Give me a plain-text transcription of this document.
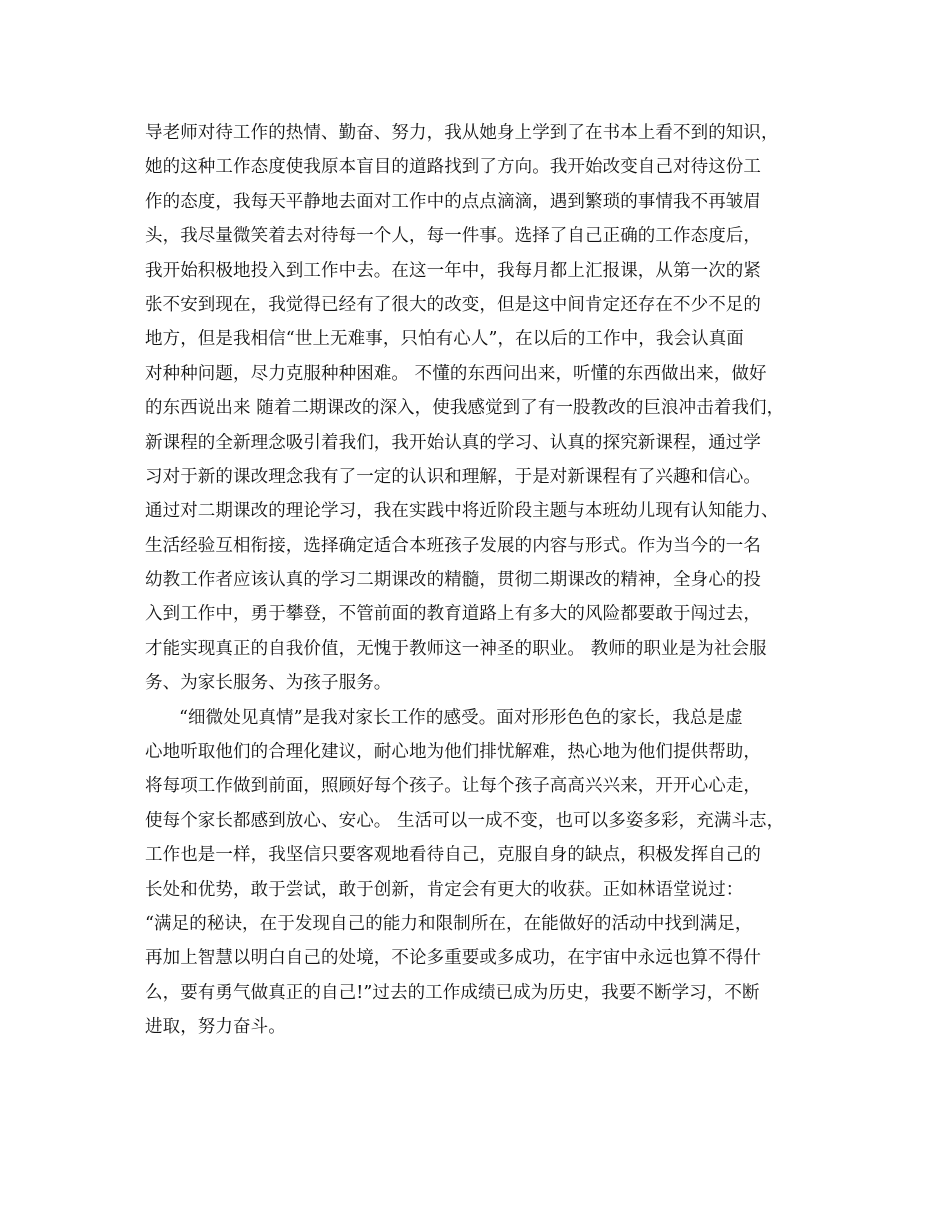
导老师对待工作的热情、勤奋、努力，我从她身上学到了在书本上看不到的知识，
她的这种工作态度使我原本盲目的道路找到了方向。我开始改变自己对待这份工
作的态度，我每天平静地去面对工作中的点点滴滴，遇到繁琐的事情我不再皱眉
头，我尽量微笑着去对待每一个人，每一件事。选择了自己正确的工作态度后，
我开始积极地投入到工作中去。在这一年中，我每月都上汇报课，从第一次的紧
张不安到现在，我觉得已经有了很大的改变，但是这中间肯定还存在不少不足的
地方，但是我相信“世上无难事，只怕有心人”，在以后的工作中，我会认真面
对种种问题，尽力克服种种困难。 不懂的东西问出来，听懂的东西做出来，做好
的东西说出来 随着二期课改的深入，使我感觉到了有一股教改的巨浪冲击着我们，
新课程的全新理念吸引着我们，我开始认真的学习、认真的探究新课程，通过学
习对于新的课改理念我有了一定的认识和理解，于是对新课程有了兴趣和信心。
通过对二期课改的理论学习，我在实践中将近阶段主题与本班幼儿现有认知能力、
生活经验互相衔接，选择确定适合本班孩子发展的内容与形式。作为当今的一名
幼教工作者应该认真的学习二期课改的精髓，贯彻二期课改的精神，全身心的投
入到工作中，勇于攀登，不管前面的教育道路上有多大的风险都要敢于闯过去，
才能实现真正的自我价值，无愧于教师这一神圣的职业。 教师的职业是为社会服
务、为家长服务、为孩子服务。
“细微处见真情”是我对家长工作的感受。面对形形色色的家长，我总是虚
心地听取他们的合理化建议，耐心地为他们排忧解难，热心地为他们提供帮助，
将每项工作做到前面，照顾好每个孩子。让每个孩子高高兴兴来，开开心心走，
使每个家长都感到放心、安心。 生活可以一成不变，也可以多姿多彩，充满斗志，
工作也是一样，我坚信只要客观地看待自己，克服自身的缺点，积极发挥自己的
长处和优势，敢于尝试，敢于创新，肯定会有更大的收获。正如林语堂说过：
“满足的秘诀，在于发现自己的能力和限制所在，在能做好的活动中找到满足，
再加上智慧以明白自己的处境，不论多重要或多成功，在宇宙中永远也算不得什
么，要有勇气做真正的自己!”过去的工作成绩已成为历史，我要不断学习，不断
进取，努力奋斗。
